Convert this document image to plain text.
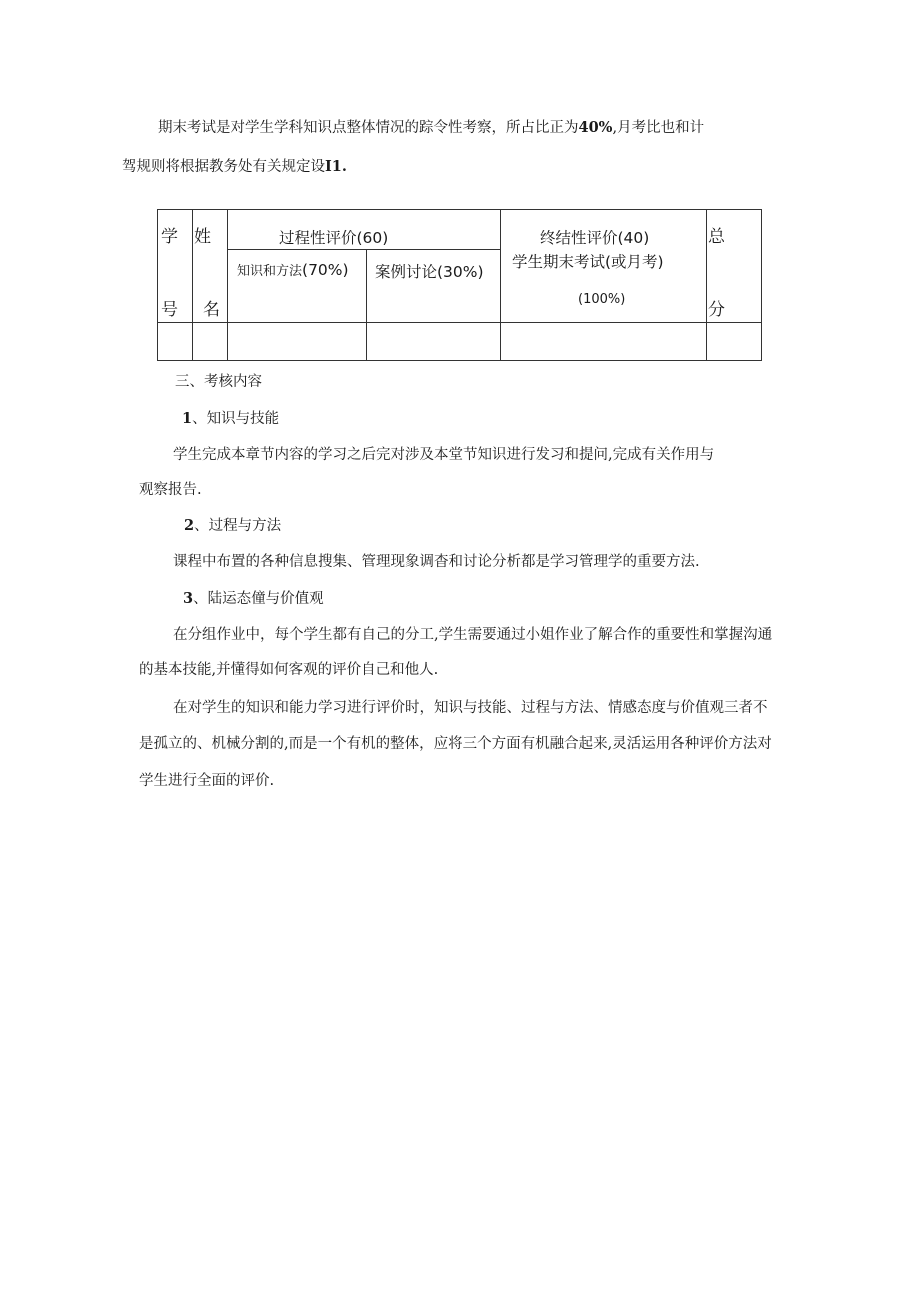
期末考试是对学生学科知识点整体情况的踪令性考察，所占比正为40%,月考比也和计
驾规则将根据教务处有关规定设I1.
学
号
姓
名
过程性评价(60)
知识和方法(70%) 案例讨论(30%)
终结性评价(40)
学生期末考试(或月考)
(100%)
总
分
三、考核内容
1、知识与技能
学生完成本章节内容的学习之后完对涉及本堂节知识进行发习和提问,完成有关作用与
观察报告.
2、过程与方法
课程中布置的各种信息搜集、管理现象调杳和讨论分析都是学习管理学的重要方法.
3、陆运态僮与价值观
在分组作业中，每个学生都有自己的分工,学生需要通过小姐作业了解合作的重要性和掌握沟通
的基本技能,并懂得如何客观的评价自己和他人.
在对学生的知识和能力学习进行评价时，知识与技能、过程与方法、情感态度与价值观三者不
是孤立的、机械分割的,而是一个有机的整体，应将三个方面有机融合起来,灵活运用各种评价方法对
学生进行全面的评价.
